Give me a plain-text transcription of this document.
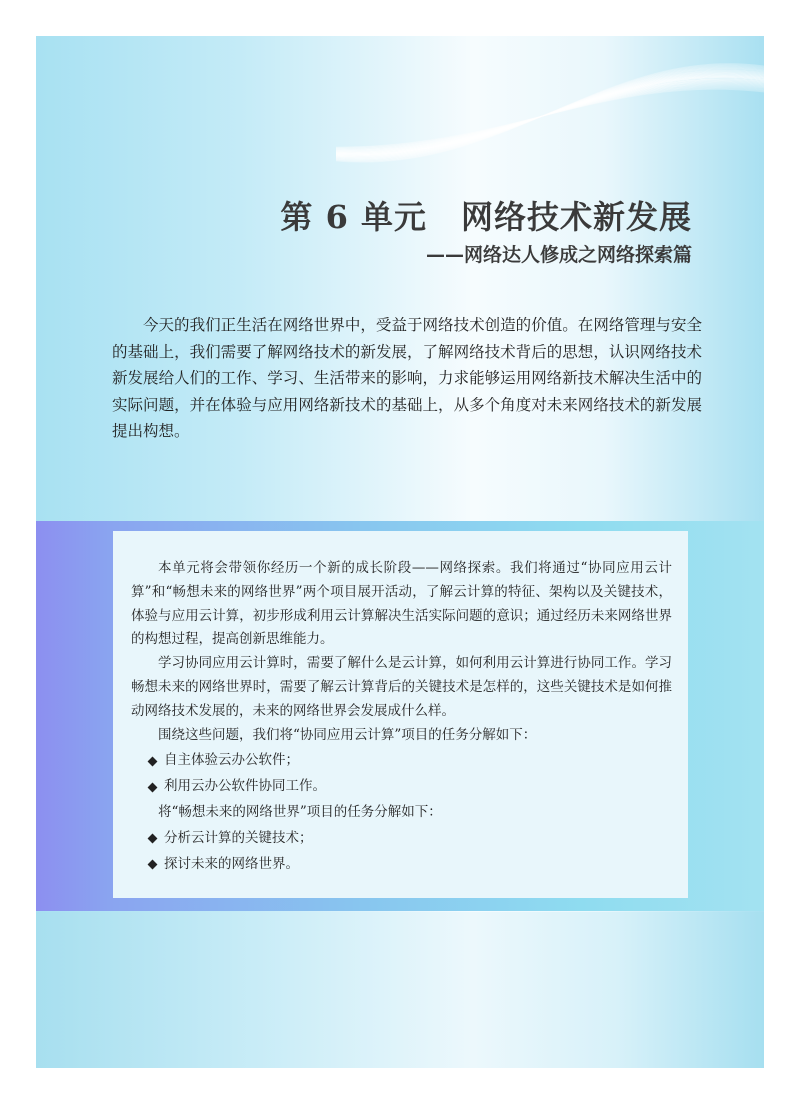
第 6 单元 网络技术新发展
——网络达人修成之网络探索篇

今天的我们正生活在网络世界中，受益于网络技术创造的价值。在网络管理与安全的基础上，我们需要了解网络技术的新发展，了解网络技术背后的思想，认识网络技术新发展给人们的工作、学习、生活带来的影响，力求能够运用网络新技术解决生活中的实际问题，并在体验与应用网络新技术的基础上，从多个角度对未来网络技术的新发展提出构想。

本单元将会带领你经历一个新的成长阶段——网络探索。我们将通过“协同应用云计算”和“畅想未来的网络世界”两个项目展开活动，了解云计算的特征、架构以及关键技术，体验与应用云计算，初步形成利用云计算解决生活实际问题的意识；通过经历未来网络世界的构想过程，提高创新思维能力。

学习协同应用云计算时，需要了解什么是云计算，如何利用云计算进行协同工作。学习畅想未来的网络世界时，需要了解云计算背后的关键技术是怎样的，这些关键技术是如何推动网络技术发展的，未来的网络世界会发展成什么样。

围绕这些问题，我们将“协同应用云计算”项目的任务分解如下：

自主体验云办公软件；
利用云办公软件协同工作。

将“畅想未来的网络世界”项目的任务分解如下：

分析云计算的关键技术；
探讨未来的网络世界。
